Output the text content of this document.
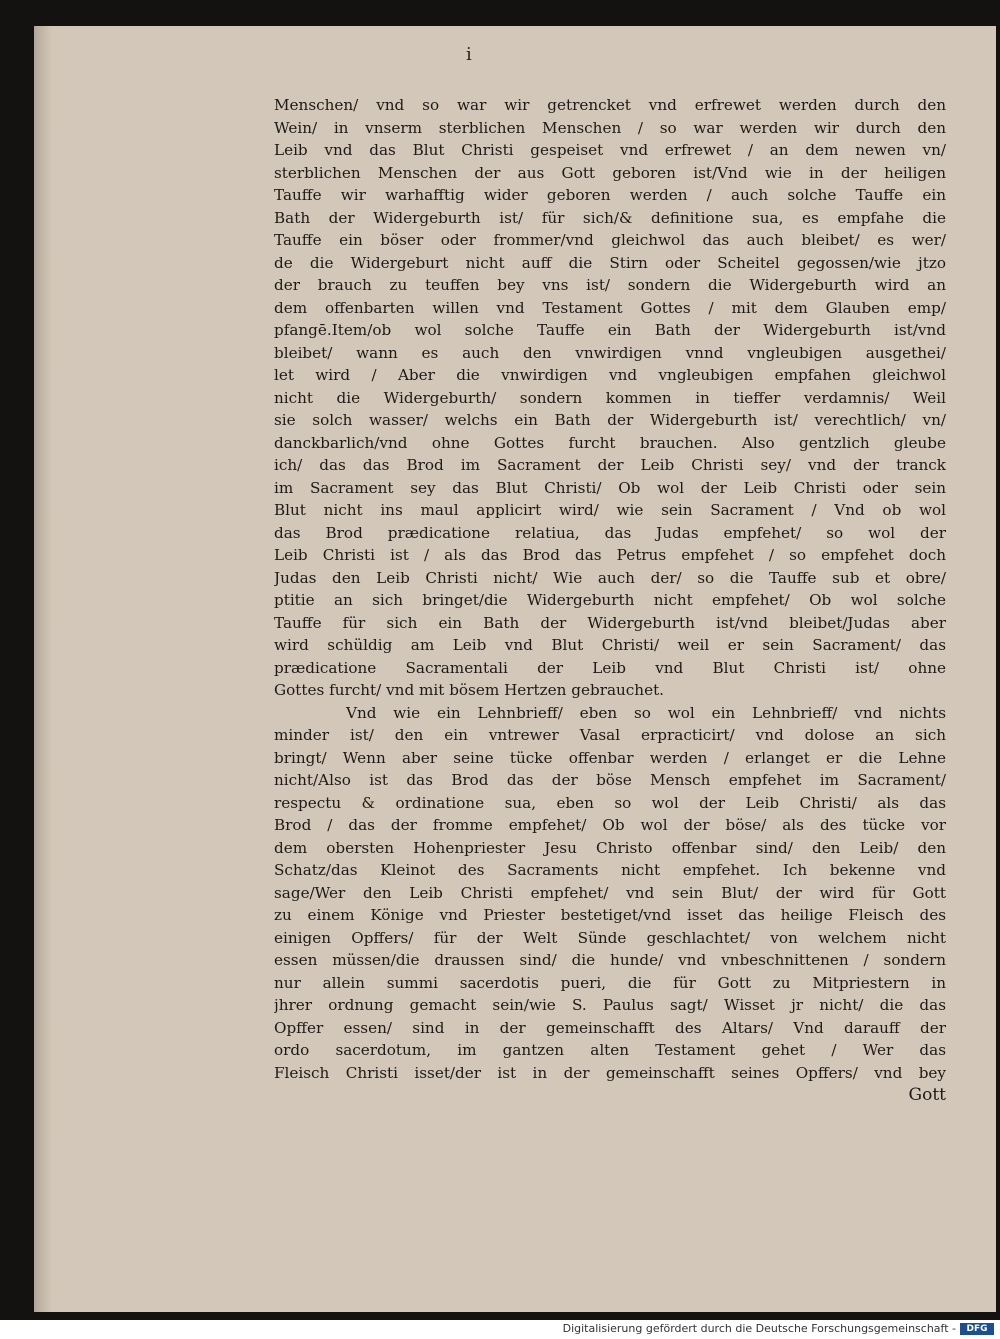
ⅰ
Menschen/ vnd so war wir getrencket vnd erfrewet werden durch den
Wein/ in vnserm sterblichen Menschen / so war werden wir durch den
Leib vnd das Blut Christi gespeiset vnd erfrewet / an dem newen vn/
sterblichen Menschen der aus Gott geboren ist/Vnd wie in der heiligen
Tauffe wir warhafftig wider geboren werden / auch solche Tauffe ein
Bath der Widergeburth ist/ für sich/& definitione sua, es empfahe die
Tauffe ein böser oder frommer/vnd gleichwol das auch bleibet/ es wer/
de die Widergeburt nicht auff die Stirn oder Scheitel gegossen/wie jtzo
der brauch zu teuffen bey vns ist/ sondern die Widergeburth wird an
dem offenbarten willen vnd Testament Gottes / mit dem Glauben emp/
pfangē.Item/ob wol solche Tauffe ein Bath der Widergeburth ist/vnd
bleibet/ wann es auch den vnwirdigen vnnd vngleubigen ausgethei/
let wird / Aber die vnwirdigen vnd vngleubigen empfahen gleichwol
nicht die Widergeburth/ sondern kommen in tieffer verdamnis/ Weil
sie solch wasser/ welchs ein Bath der Widergeburth ist/ verechtlich/ vn/
danckbarlich/vnd ohne Gottes furcht brauchen. Also gentzlich gleube
ich/ das das Brod im Sacrament der Leib Christi sey/ vnd der tranck
im Sacrament sey das Blut Christi/ Ob wol der Leib Christi oder sein
Blut nicht ins maul applicirt wird/ wie sein Sacrament / Vnd ob wol
das Brod prædicatione relatiua, das Judas empfehet/ so wol der
Leib Christi ist / als das Brod das Petrus empfehet / so empfehet doch
Judas den Leib Christi nicht/ Wie auch der/ so die Tauffe sub et obre/
ptitie an sich bringet/die Widergeburth nicht empfehet/ Ob wol solche
Tauffe für sich ein Bath der Widergeburth ist/vnd bleibet/Judas aber
wird schüldig am Leib vnd Blut Christi/ weil er sein Sacrament/ das
prædicatione Sacramentali der Leib vnd Blut Christi ist/ ohne
Gottes furcht/ vnd mit bösem Hertzen gebrauchet.
Vnd wie ein Lehnbrieff/ eben so wol ein Lehnbrieff/ vnd nichts
minder ist/ den ein vntrewer Vasal erpracticirt/ vnd dolose an sich
bringt/ Wenn aber seine tücke offenbar werden / erlanget er die Lehne
nicht/Also ist das Brod das der böse Mensch empfehet im Sacrament/
respectu & ordinatione sua, eben so wol der Leib Christi/ als das
Brod / das der fromme empfehet/ Ob wol der böse/ als des tücke vor
dem obersten Hohenpriester Jesu Christo offenbar sind/ den Leib/ den
Schatz/das Kleinot des Sacraments nicht empfehet. Ich bekenne vnd
sage/Wer den Leib Christi empfehet/ vnd sein Blut/ der wird für Gott
zu einem Könige vnd Priester bestetiget/vnd isset das heilige Fleisch des
einigen Opffers/ für der Welt Sünde geschlachtet/ von welchem nicht
essen müssen/die draussen sind/ die hunde/ vnd vnbeschnittenen / sondern
nur allein summi sacerdotis pueri, die für Gott zu Mitpriestern in
jhrer ordnung gemacht sein/wie S. Paulus sagt/ Wisset jr nicht/ die das
Opffer essen/ sind in der gemeinschafft des Altars/ Vnd darauff der
ordo sacerdotum, im gantzen alten Testament gehet / Wer das
Fleisch Christi isset/der ist in der gemeinschafft seines Opffers/ vnd bey
Gott
Digitalisierung gefördert durch die Deutsche Forschungsgemeinschaft -	DFG
